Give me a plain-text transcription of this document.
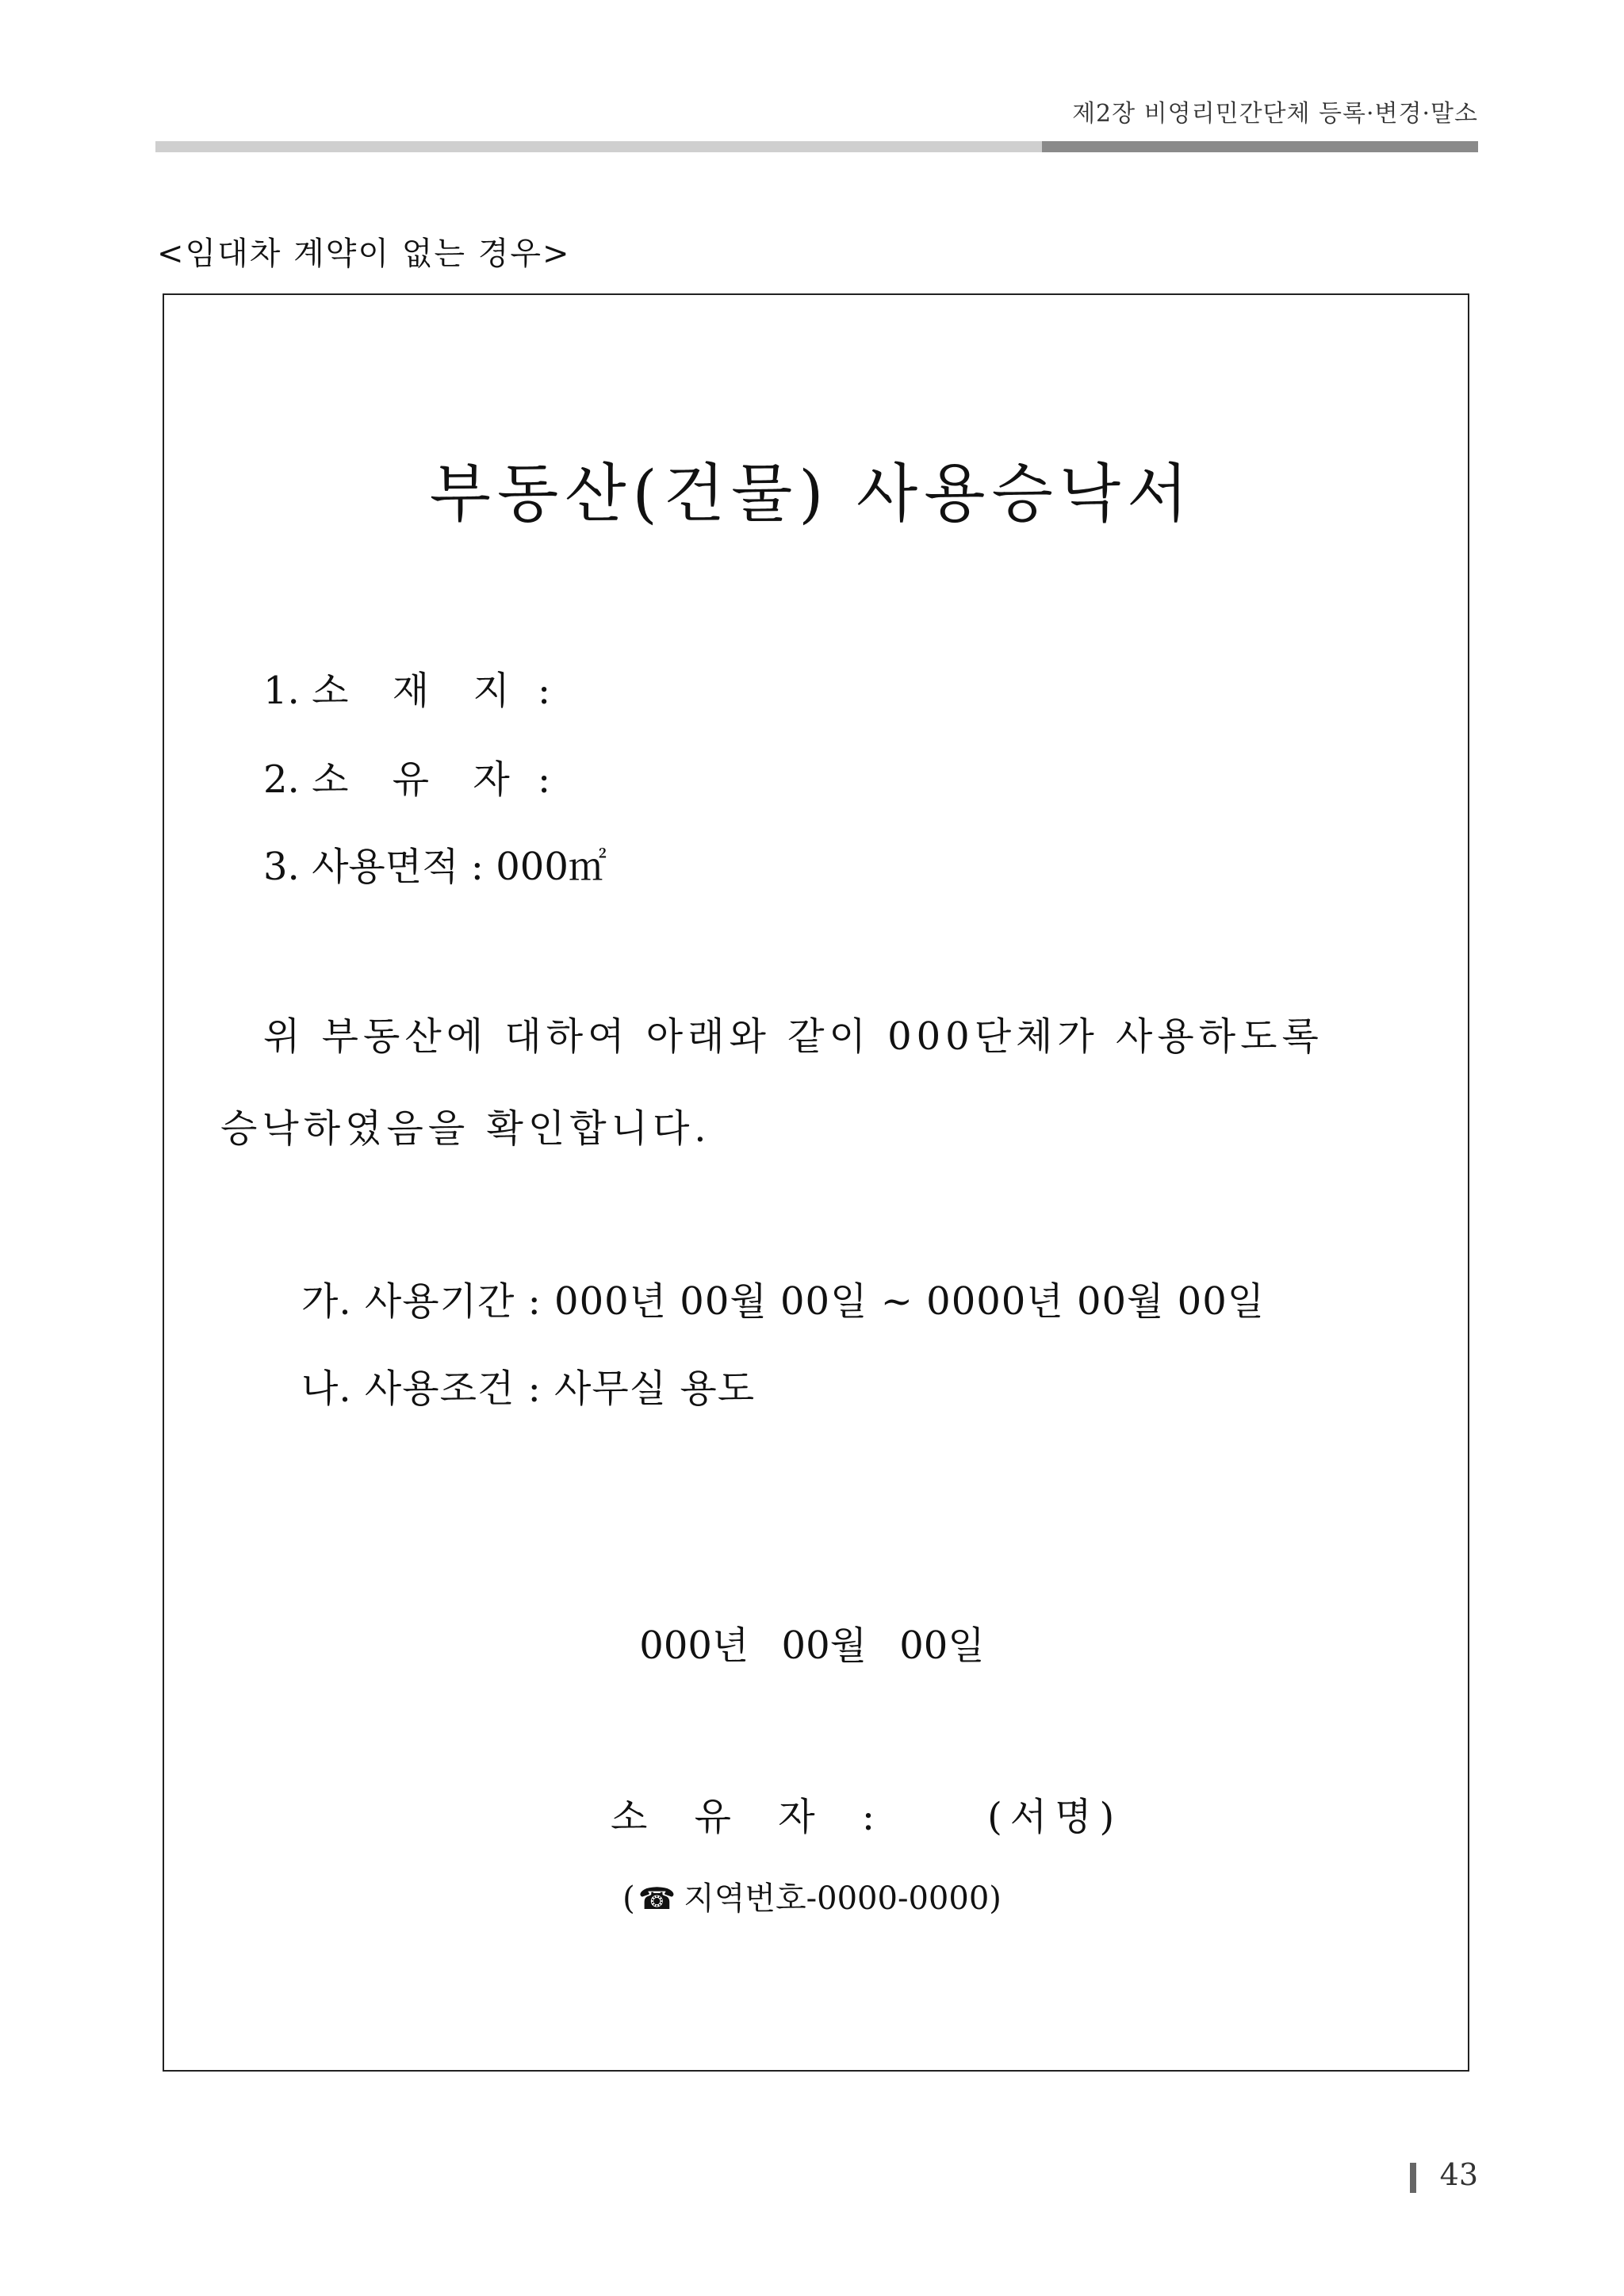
제2장 비영리민간단체 등록·변경·말소
<임대차 계약이 없는 경우>
부동산(건물) 사용승낙서
1. 소 재 지 :
2. 소 유 자 :
3. 사용면적 : 000㎡
위 부동산에 대하여 아래와 같이 000단체가 사용하도록
승낙하였음을 확인합니다.
가. 사용기간 : 000년 00월 00일 ~ 0000년 00월 00일
나. 사용조건 : 사무실 용도
000년 00월 00일
소 유 자 :	(서명)
( ☎ 지역번호-0000-0000)
43
